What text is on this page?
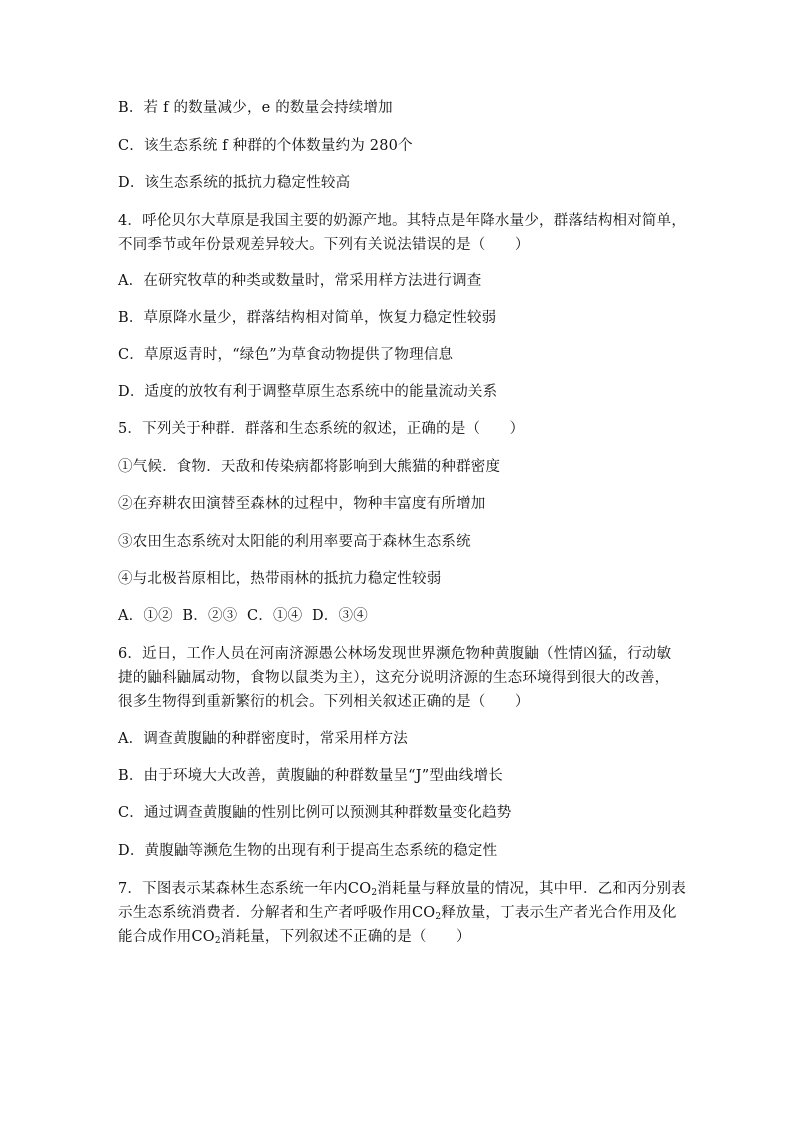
B．若 f 的数量减少，e 的数量会持续增加
C．该生态系统 f 种群的个体数量约为 280个
D．该生态系统的抵抗力稳定性较高
4．呼伦贝尔大草原是我国主要的奶源产地。其特点是年降水量少，群落结构相对简单，
不同季节或年份景观差异较大。下列有关说法错误的是（　　）
A．在研究牧草的种类或数量时，常采用样方法进行调查
B．草原降水量少，群落结构相对简单，恢复力稳定性较弱
C．草原返青时，“绿色”为草食动物提供了物理信息
D．适度的放牧有利于调整草原生态系统中的能量流动关系
5．下列关于种群．群落和生态系统的叙述，正确的是（　　）
①气候．食物．天敌和传染病都将影响到大熊猫的种群密度
②在弃耕农田演替至森林的过程中，物种丰富度有所增加
③农田生态系统对太阳能的利用率要高于森林生态系统
④与北极苔原相比，热带雨林的抵抗力稳定性较弱
A．①②  B．②③  C．①④  D．③④
6．近日，工作人员在河南济源愚公林场发现世界濒危物种黄腹鼬（性情凶猛，行动敏
捷的鼬科鼬属动物，食物以鼠类为主），这充分说明济源的生态环境得到很大的改善，
很多生物得到重新繁衍的机会。下列相关叙述正确的是（　　）
A．调查黄腹鼬的种群密度时，常采用样方法
B．由于环境大大改善，黄腹鼬的种群数量呈“J”型曲线增长
C．通过调查黄腹鼬的性别比例可以预测其种群数量变化趋势
D．黄腹鼬等濒危生物的出现有利于提高生态系统的稳定性
7．下图表示某森林生态系统一年内$CO_2$消耗量与释放量的情况，其中甲．乙和丙分别表
示生态系统消费者．分解者和生产者呼吸作用$CO_2$释放量，丁表示生产者光合作用及化
能合成作用$CO_2$消耗量，下列叙述不正确的是（　　）
